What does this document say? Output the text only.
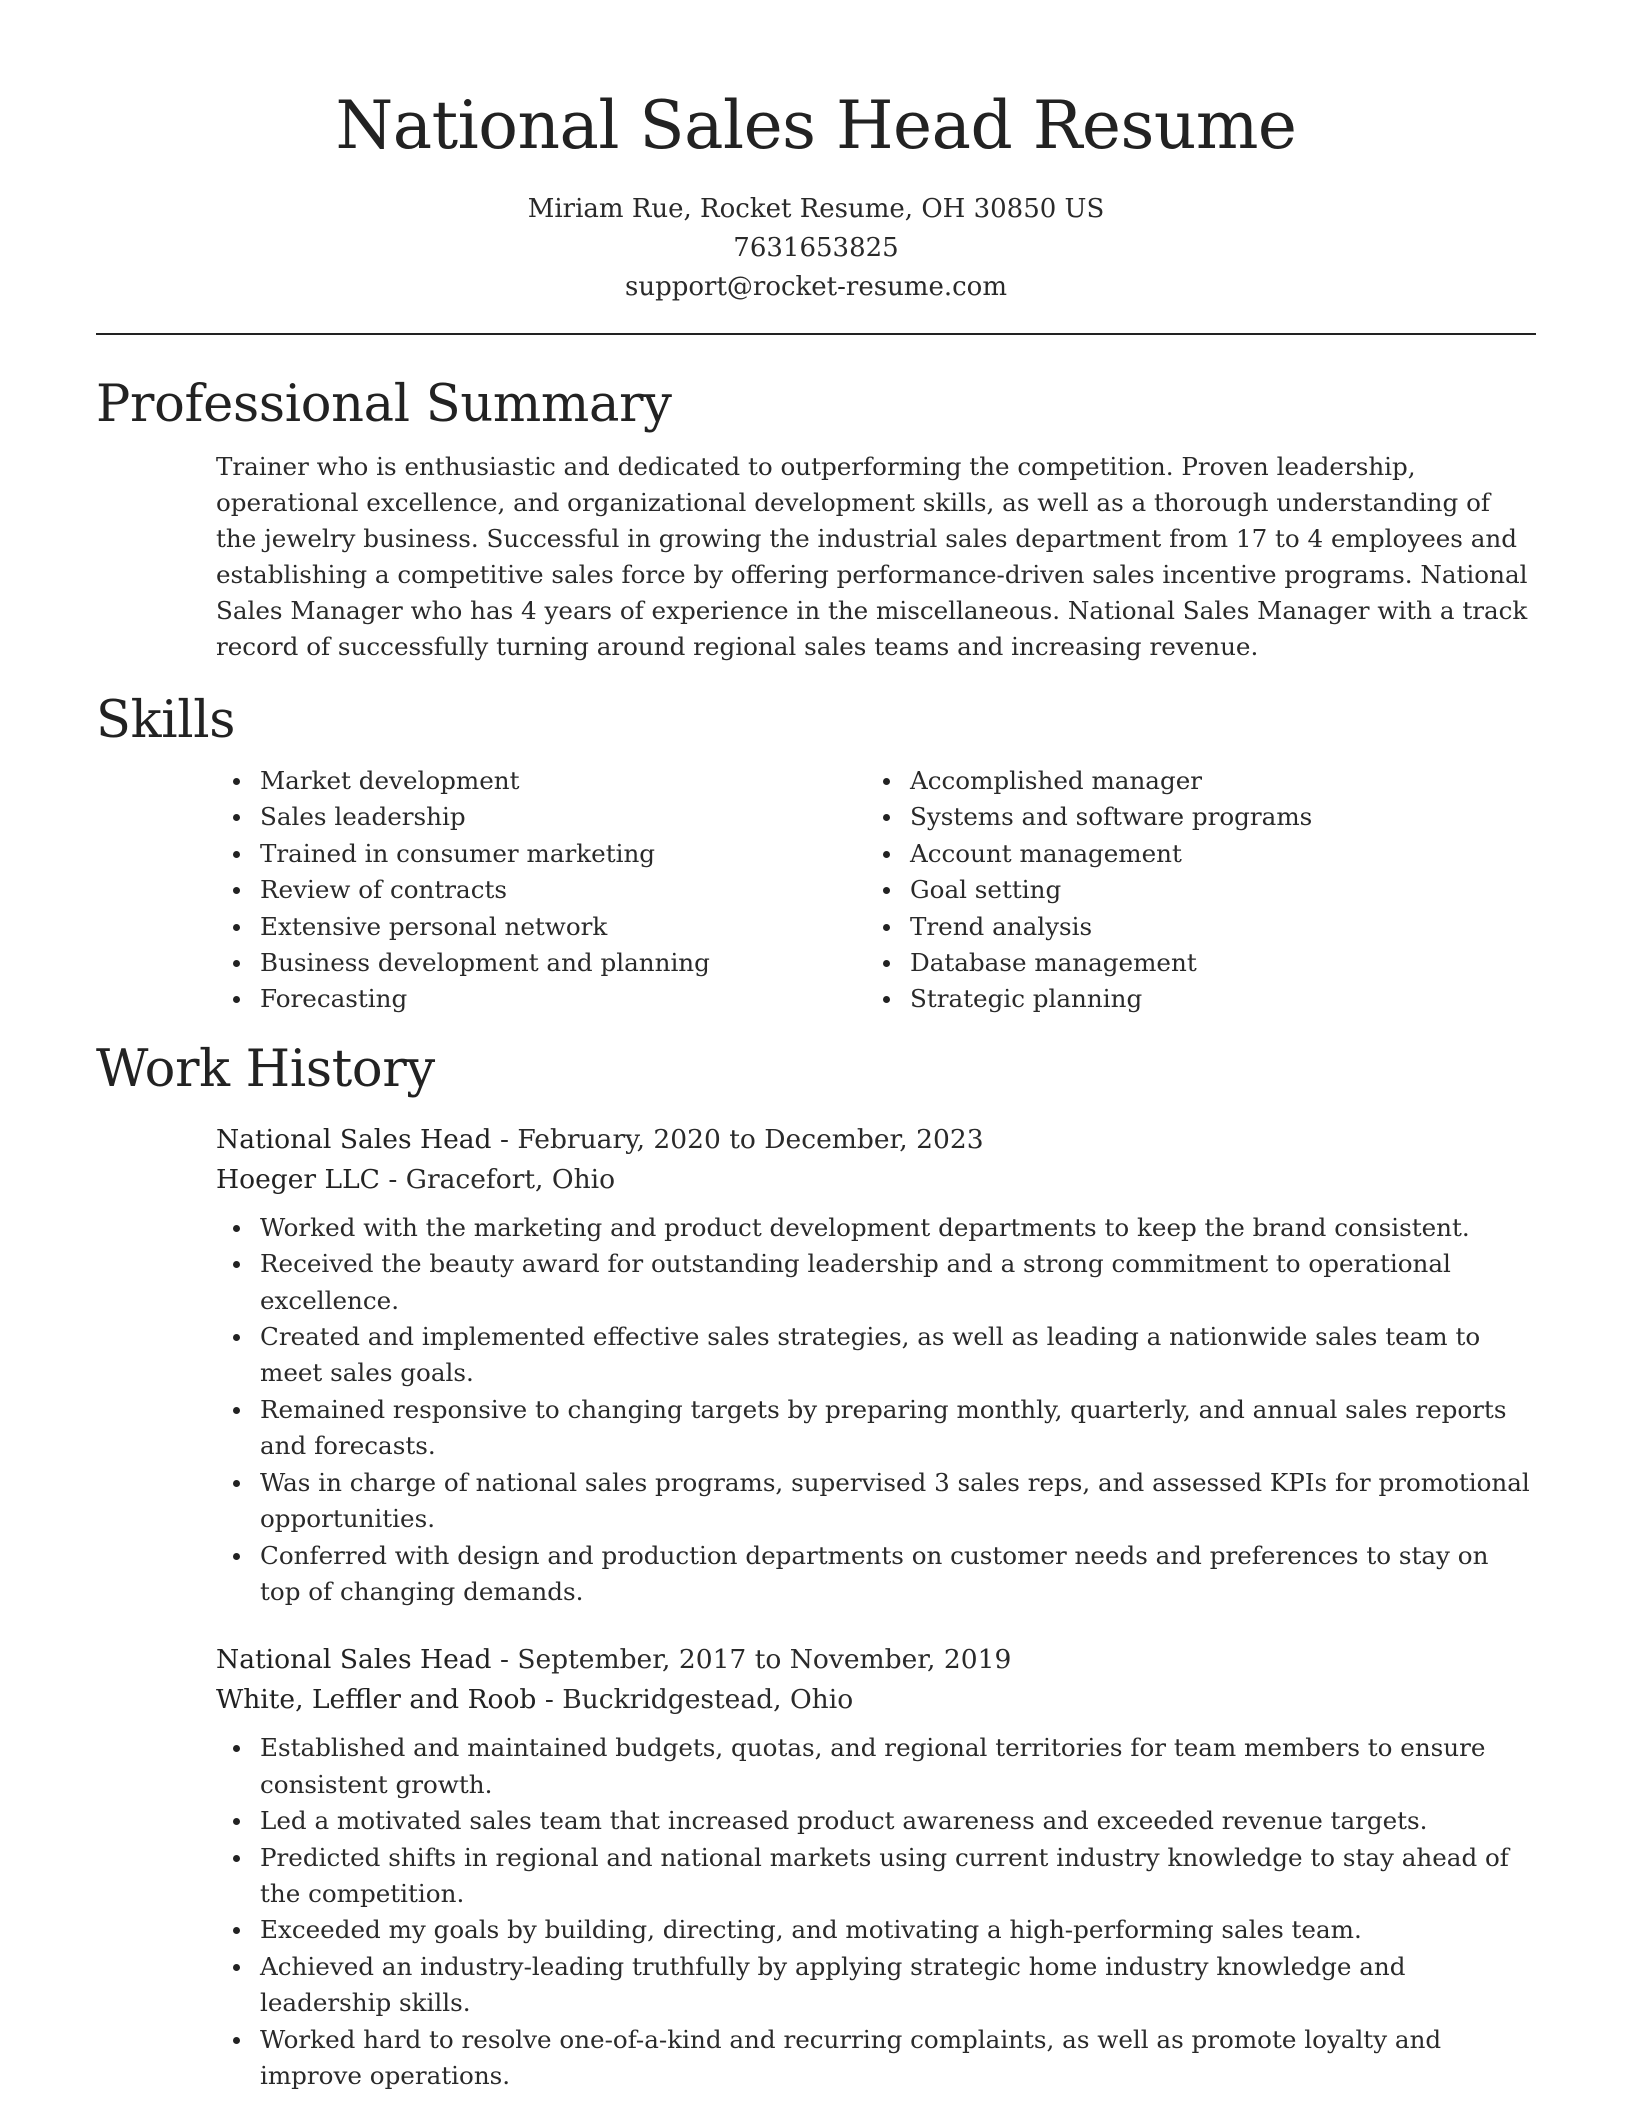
National Sales Head Resume
Miriam Rue, Rocket Resume, OH 30850 US
7631653825
support@rocket-resume.com
Professional Summary

Trainer who is enthusiastic and dedicated to outperforming the competition. Proven leadership, operational excellence, and organizational development skills, as well as a thorough understanding of the jewelry business. Successful in growing the industrial sales department from 17 to 4 employees and establishing a competitive sales force by offering performance-driven sales incentive programs. National Sales Manager who has 4 years of experience in the miscellaneous. National Sales Manager with a track record of successfully turning around regional sales teams and increasing revenue.

Skills
Market development
Sales leadership
Trained in consumer marketing
Review of contracts
Extensive personal network
Business development and planning
Forecasting
Accomplished manager
Systems and software programs
Account management
Goal setting
Trend analysis
Database management
Strategic planning
Work History
National Sales Head - February, 2020 to December, 2023
Hoeger LLC - Gracefort, Ohio
Worked with the marketing and product development departments to keep the brand consistent.
Received the beauty award for outstanding leadership and a strong commitment to operational excellence.
Created and implemented effective sales strategies, as well as leading a nationwide sales team to meet sales goals.
Remained responsive to changing targets by preparing monthly, quarterly, and annual sales reports and forecasts.
Was in charge of national sales programs, supervised 3 sales reps, and assessed KPIs for promotional opportunities.
Conferred with design and production departments on customer needs and preferences to stay on top of changing demands.
National Sales Head - September, 2017 to November, 2019
White, Leffler and Roob - Buckridgestead, Ohio
Established and maintained budgets, quotas, and regional territories for team members to ensure consistent growth.
Led a motivated sales team that increased product awareness and exceeded revenue targets.
Predicted shifts in regional and national markets using current industry knowledge to stay ahead of the competition.
Exceeded my goals by building, directing, and motivating a high-performing sales team.
Achieved an industry-leading truthfully by applying strategic home industry knowledge and leadership skills.
Worked hard to resolve one-of-a-kind and recurring complaints, as well as promote loyalty and improve operations.
